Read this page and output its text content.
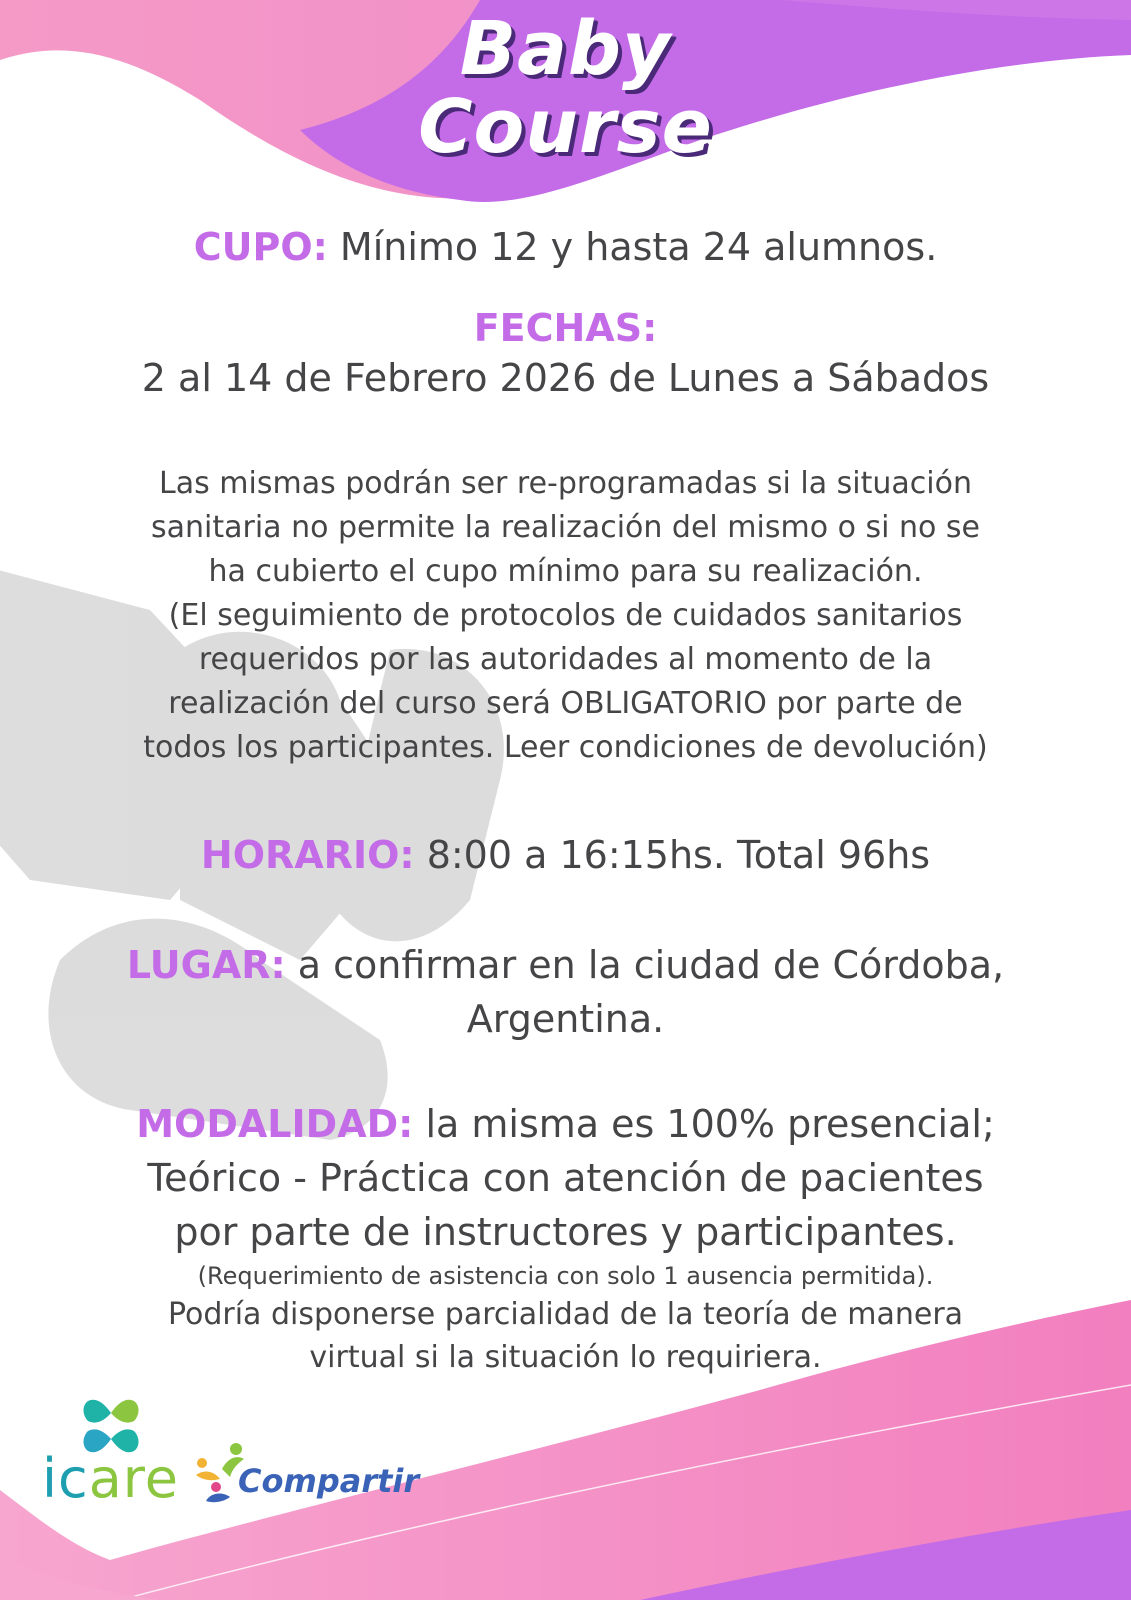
Baby
Course
CUPO: Mínimo 12 y hasta 24 alumnos.
FECHAS:
2 al 14 de Febrero 2026 de Lunes a Sábados
Las mismas podrán ser re-programadas si la situación
sanitaria no permite la realización del mismo o si no se
ha cubierto el cupo mínimo para su realización.
(El seguimiento de protocolos de cuidados sanitarios
requeridos por las autoridades al momento de la
realización del curso será OBLIGATORIO por parte de
todos los participantes. Leer condiciones de devolución)
HORARIO: 8:00 a 16:15hs. Total 96hs
LUGAR: a confirmar en la ciudad de Córdoba,
Argentina.
MODALIDAD: la misma es 100% presencial;
Teórico - Práctica con atención de pacientes
por parte de instructores y participantes.
(Requerimiento de asistencia con solo 1 ausencia permitida).
Podría disponerse parcialidad de la teoría de manera
virtual si la situación lo requiriera.
icare Compartir
